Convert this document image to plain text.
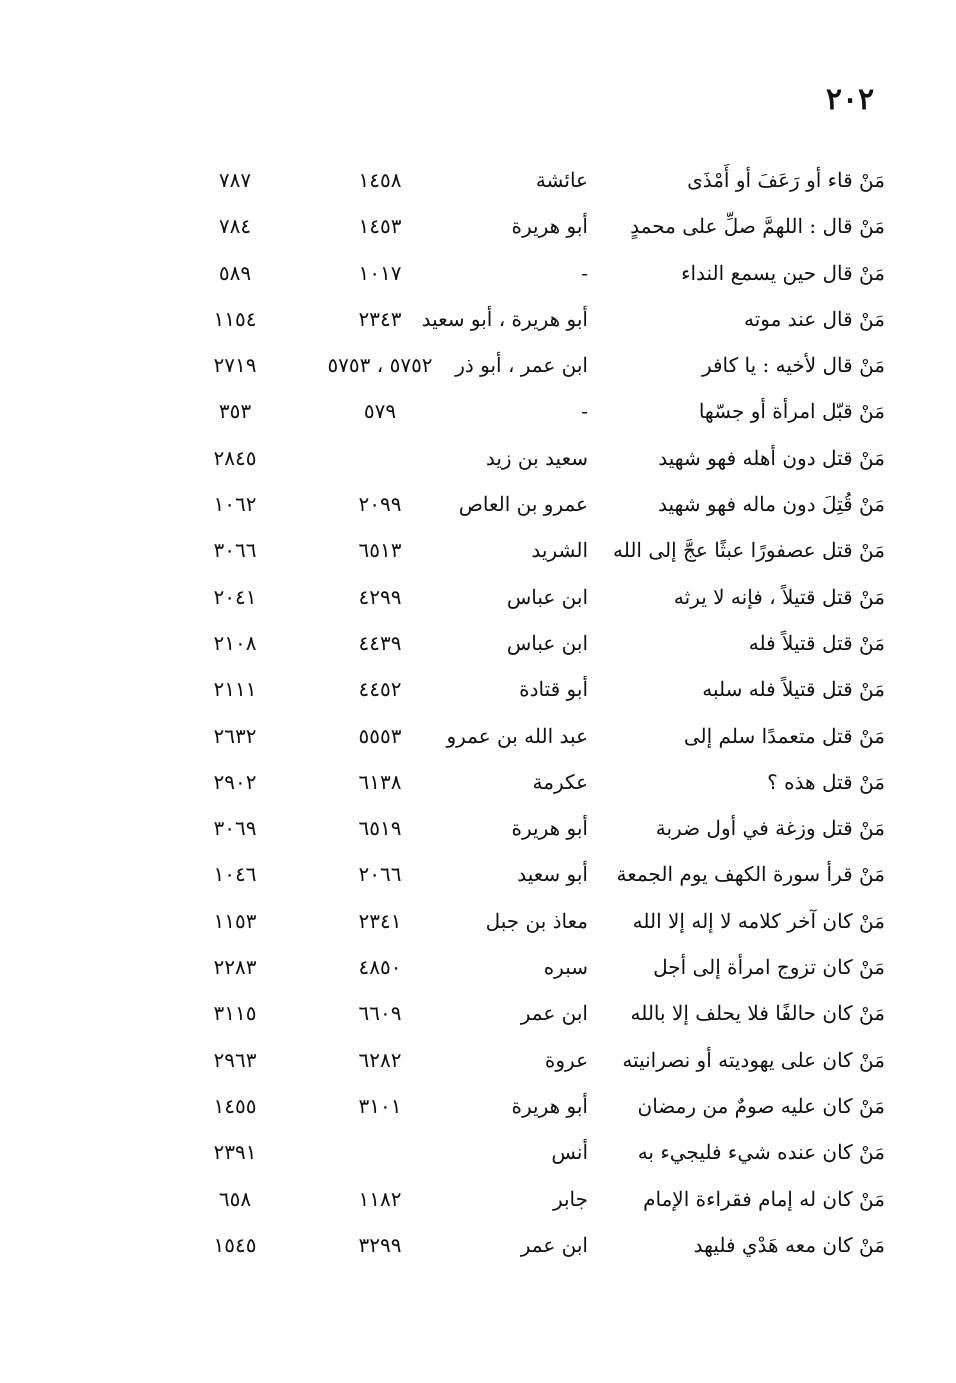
٢٠٢
مَنْ قاء أو رَعَفَ أو أَمْذَى
عائشة
١٤٥٨
٧٨٧
مَنْ قال : اللهمَّ صلِّ على محمدٍ
أبو هريرة
١٤٥٣
٧٨٤
مَنْ قال حين يسمع النداء
-
١٠١٧
٥٨٩
مَنْ قال عند موته
أبو هريرة ، أبو سعيد
٢٣٤٣
١١٥٤
مَنْ قال لأخيه : يا كافر
ابن عمر ، أبو ذر
٥٧٥٢ ، ٥٧٥٣
٢٧١٩
مَنْ قبّل امرأة أو جسّها
-
٥٧٩
٣٥٣
مَنْ قتل دون أهله فهو شهيد
سعيد بن زيد
٢٨٤٥
مَنْ قُتِلَ دون ماله فهو شهيد
عمرو بن العاص
٢٠٩٩
١٠٦٢
مَنْ قتل عصفورًا عبثًا عجَّ إلى الله
الشريد
٦٥١٣
٣٠٦٦
مَنْ قتل قتيلاً ، فإنه لا يرثه
ابن عباس
٤٢٩٩
٢٠٤١
مَنْ قتل قتيلاً فله
ابن عباس
٤٤٣٩
٢١٠٨
مَنْ قتل قتيلاً فله سلبه
أبو قتادة
٤٤٥٢
٢١١١
مَنْ قتل متعمدًا سلم إلى
عبد الله بن عمرو
٥٥٥٣
٢٦٣٢
مَنْ قتل هذه ؟
عكرمة
٦١٣٨
٢٩٠٢
مَنْ قتل وزغة في أول ضربة
أبو هريرة
٦٥١٩
٣٠٦٩
مَنْ قرأ سورة الكهف يوم الجمعة
أبو سعيد
٢٠٦٦
١٠٤٦
مَنْ كان آخر كلامه لا إله إلا الله
معاذ بن جبل
٢٣٤١
١١٥٣
مَنْ كان تزوج امرأة إلى أجل
سبره
٤٨٥٠
٢٢٨٣
مَنْ كان حالفًا فلا يحلف إلا بالله
ابن عمر
٦٦٠٩
٣١١٥
مَنْ كان على يهوديته أو نصرانيته
عروة
٦٢٨٢
٢٩٦٣
مَنْ كان عليه صومٌ من رمضان
أبو هريرة
٣١٠١
١٤٥٥
مَنْ كان عنده شيء فليجيء به
أنس
٢٣٩١
مَنْ كان له إمام فقراءة الإمام
جابر
١١٨٢
٦٥٨
مَنْ كان معه هَدْي فليهد
ابن عمر
٣٢٩٩
١٥٤٥
